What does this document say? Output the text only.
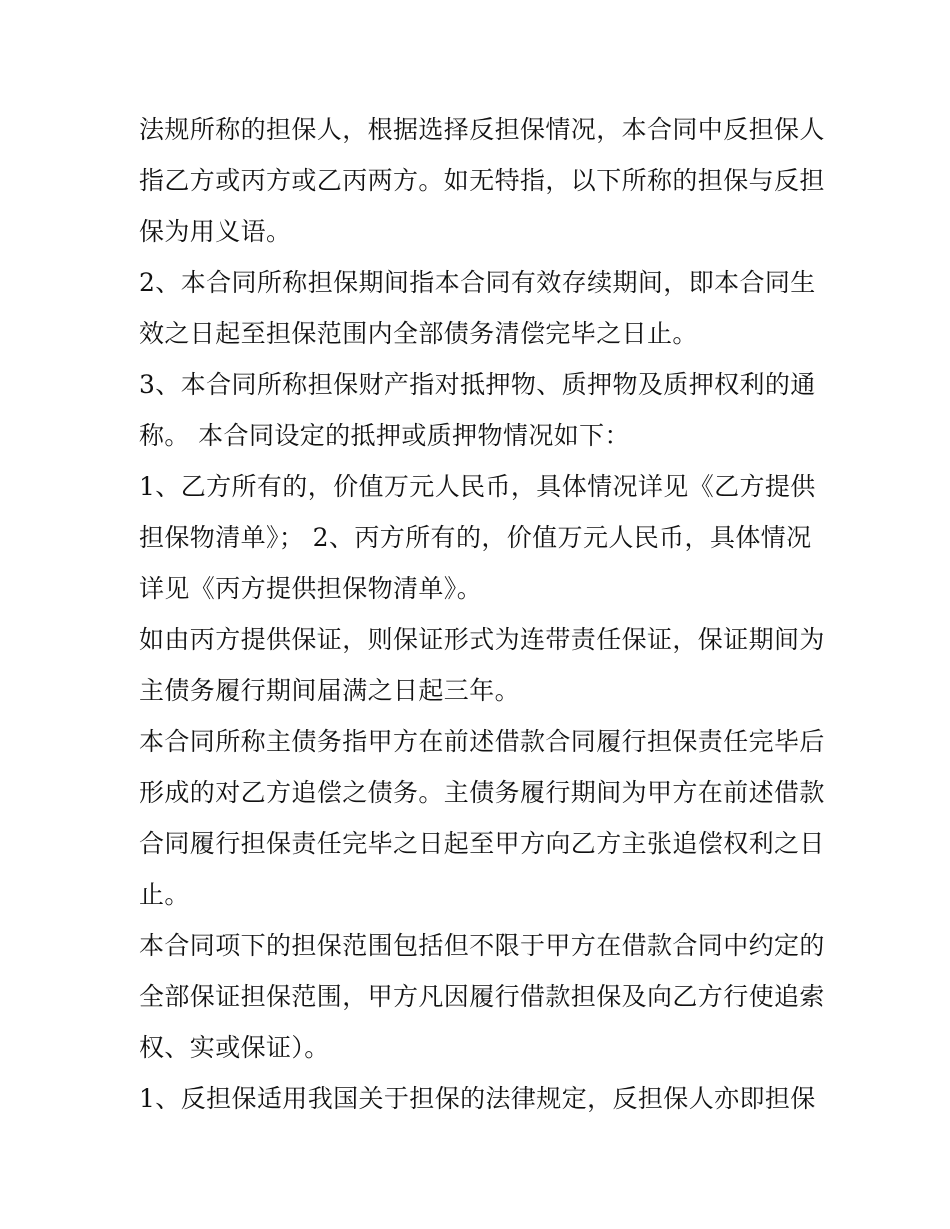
法规所称的担保人，根据选择反担保情况，本合同中反担保人
指乙方或丙方或乙丙两方。如无特指，以下所称的担保与反担
保为用义语。
2、本合同所称担保期间指本合同有效存续期间，即本合同生
效之日起至担保范围内全部债务清偿完毕之日止。
3、本合同所称担保财产指对抵押物、质押物及质押权利的通
称。 本合同设定的抵押或质押物情况如下：
1、乙方所有的，价值万元人民币，具体情况详见《乙方提供
担保物清单》； 2、丙方所有的，价值万元人民币，具体情况
详见《丙方提供担保物清单》。
如由丙方提供保证，则保证形式为连带责任保证，保证期间为
主债务履行期间届满之日起三年。
本合同所称主债务指甲方在前述借款合同履行担保责任完毕后
形成的对乙方追偿之债务。主债务履行期间为甲方在前述借款
合同履行担保责任完毕之日起至甲方向乙方主张追偿权利之日
止。
本合同项下的担保范围包括但不限于甲方在借款合同中约定的
全部保证担保范围，甲方凡因履行借款担保及向乙方行使追索
权、实或保证）。
1、反担保适用我国关于担保的法律规定，反担保人亦即担保
